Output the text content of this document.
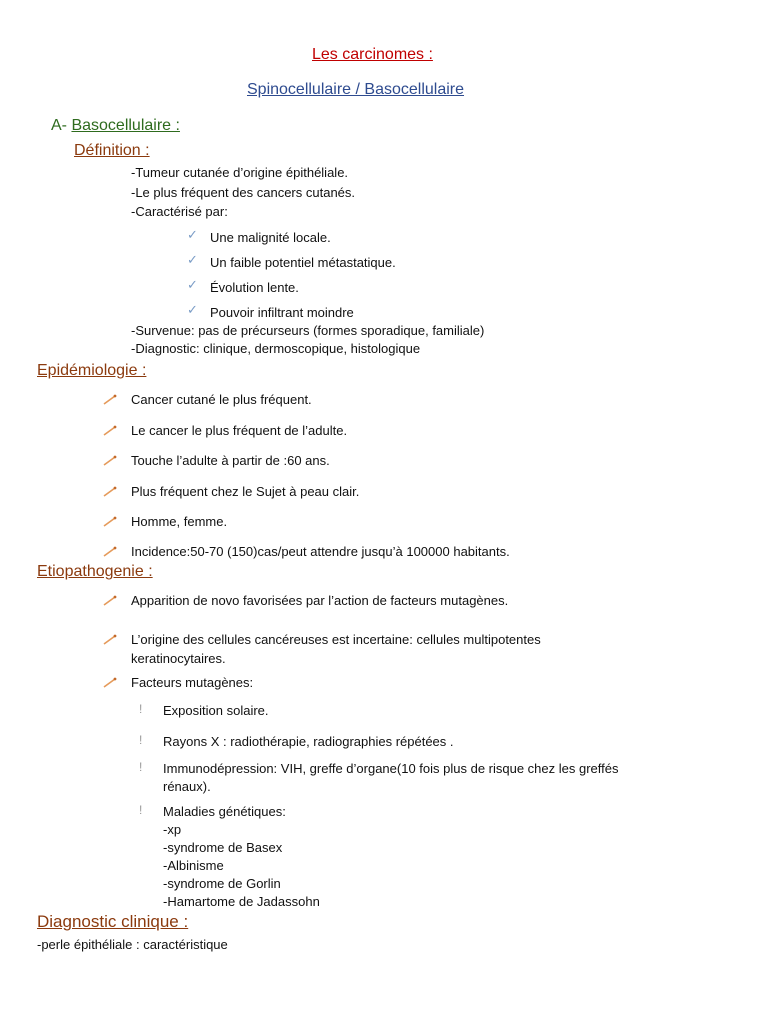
Les carcinomes :
Spinocellulaire / Basocellulaire
A- Basocellulaire :
Définition :
-Tumeur cutanée d’origine épithéliale.
-Le plus fréquent des cancers cutanés.
-Caractérisé par:
✓ Une malignité locale.
✓ Un faible potentiel métastatique.
✓ Évolution lente.
✓ Pouvoir infiltrant moindre
-Survenue: pas de précurseurs (formes sporadique, familiale)
-Diagnostic: clinique, dermoscopique, histologique
Epidémiologie :
Cancer cutané le plus fréquent.
Le cancer le plus fréquent de l’adulte.
Touche l’adulte à partir de :60 ans.
Plus fréquent chez le Sujet à peau clair.
Homme, femme.
Incidence:50-70 (150)cas/peut attendre jusqu’à 100000 habitants.
Etiopathogenie :
Apparition de novo favorisées par l’action de facteurs mutagènes.
L’origine des cellules cancéreuses est incertaine: cellules multipotentes
keratinocytaires.
Facteurs mutagènes:
! Exposition solaire.
! Rayons X : radiothérapie, radiographies répétées .
! Immunodépression: VIH, greffe d’organe(10 fois plus de risque chez les greffés
rénaux).
! Maladies génétiques:
-xp
-syndrome de Basex
-Albinisme
-syndrome de Gorlin
-Hamartome de Jadassohn
Diagnostic clinique :
-perle épithéliale : caractéristique
